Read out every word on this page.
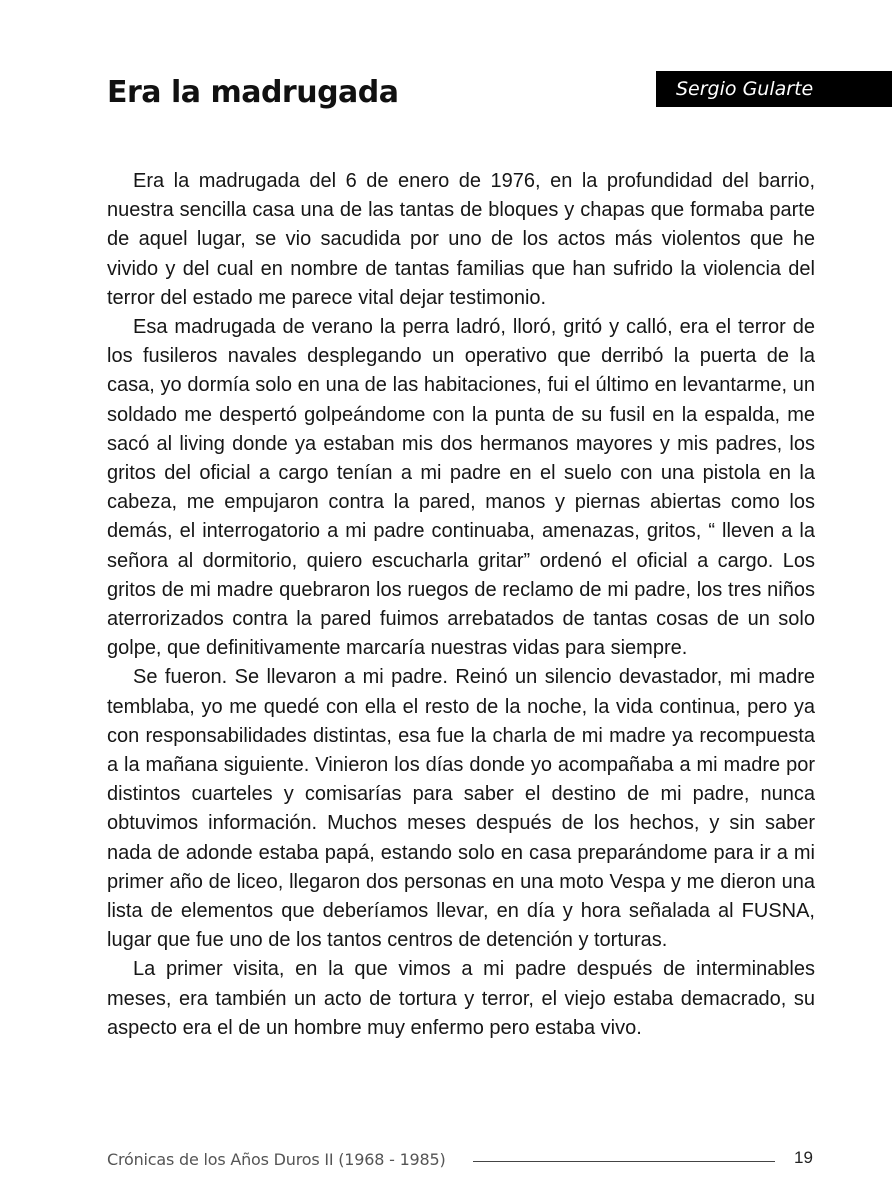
Era la madrugada	Sergio Gularte

Era la madrugada del 6 de enero de 1976, en la profundidad del barrio, nuestra sencilla casa una de las tantas de bloques y chapas que formaba parte de aquel lugar, se vio sacudida por uno de los actos más violentos que he vivido y del cual en nombre de tantas familias que han sufrido la violencia del terror del estado me parece vital dejar testimonio.

Esa madrugada de verano la perra ladró, lloró, gritó y calló, era el terror de los fusileros navales desplegando un operativo que derribó la puerta de la casa, yo dormía solo en una de las habitaciones, fui el último en levantarme, un soldado me despertó golpeándome con la punta de su fusil en la espalda, me sacó al living donde ya estaban mis dos hermanos mayores y mis padres, los gritos del oficial a cargo tenían a mi padre en el suelo con una pistola en la cabeza, me empujaron contra la pared, manos y piernas abiertas como los demás, el interrogatorio a mi padre continuaba, amenazas, gritos, “ lleven a la señora al dormitorio, quiero escucharla gritar” ordenó el oficial a cargo. Los gritos de mi madre quebraron los ruegos de reclamo de mi padre, los tres niños aterrorizados contra la pared fuimos arrebatados de tantas cosas de un solo golpe, que definitivamente marcaría nuestras vidas para siempre.

Se fueron. Se llevaron a mi padre. Reinó un silencio devastador, mi madre temblaba, yo me quedé con ella el resto de la noche, la vida continua, pero ya con responsabilidades distintas, esa fue la charla de mi madre ya recompuesta a la mañana siguiente. Vinieron los días donde yo acompañaba a mi madre por distintos cuarteles y comisarías para saber el destino de mi padre, nunca obtuvimos información. Muchos meses después de los hechos, y sin saber nada de adonde estaba papá, estando solo en casa preparándome para ir a mi primer año de liceo, llegaron dos personas en una moto Vespa y me dieron una lista de elementos que deberíamos llevar, en día y hora señalada al FUSNA, lugar que fue uno de los tantos centros de detención y torturas.

La primer visita, en la que vimos a mi padre después de interminables meses, era también un acto de tortura y terror, el viejo estaba demacrado, su aspecto era el de un hombre muy enfermo pero estaba vivo.

Crónicas de los Años Duros II (1968 - 1985)	19
